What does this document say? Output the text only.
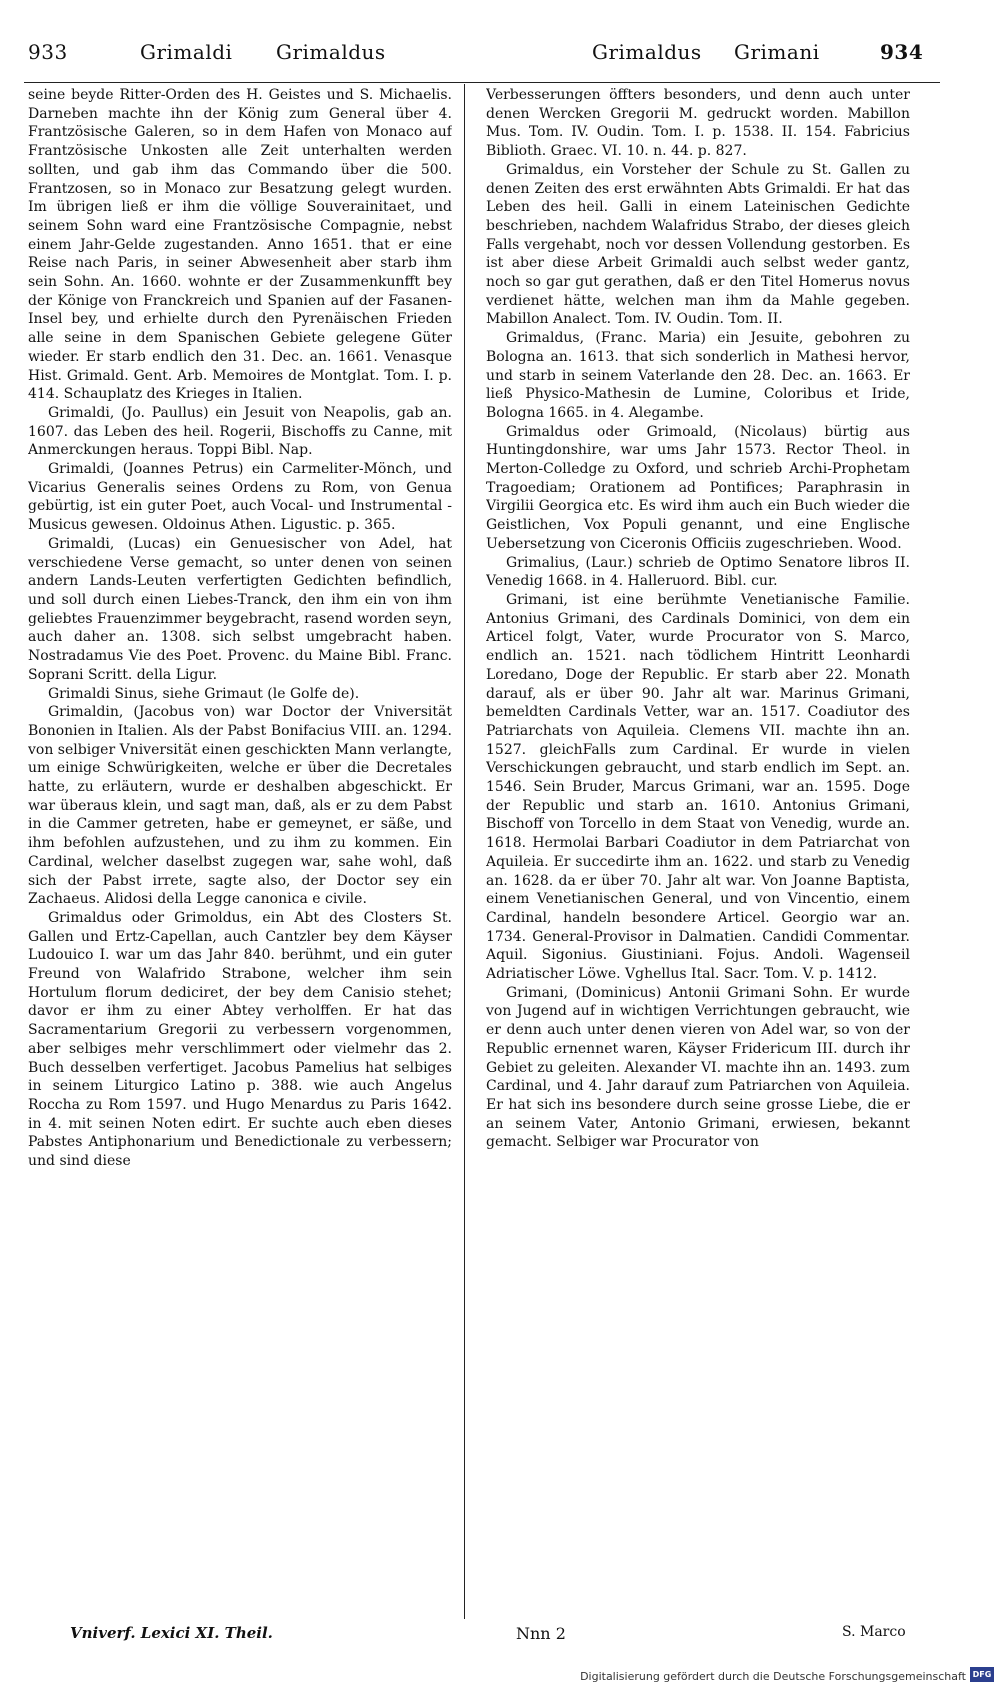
933	Grimaldi Grimaldus	Grimaldus Grimani	934

seine beyde Ritter-Orden des H. Geistes und S. Michaelis. Darneben machte ihn der König zum General über 4. Frantzösische Galeren, so in dem Hafen von Monaco auf Frantzösische Unkosten alle Zeit unterhalten werden sollten, und gab ihm das Commando über die 500. Frantzosen, so in Monaco zur Besatzung gelegt wurden. Im übrigen ließ er ihm die völlige Souverainitaet, und seinem Sohn ward eine Frantzösische Compagnie, nebst einem Jahr-Gelde zugestanden. Anno 1651. that er eine Reise nach Paris, in seiner Abwesenheit aber starb ihm sein Sohn. An. 1660. wohnte er der Zusammenkunfft bey der Könige von Franckreich und Spanien auf der Fasanen-Insel bey, und erhielte durch den Pyrenäischen Frieden alle seine in dem Spanischen Gebiete gelegene Güter wieder. Er starb endlich den 31. Dec. an. 1661. Venasque Hist. Grimald. Gent. Arb. Memoires de Montglat. Tom. I. p. 414. Schauplatz des Krieges in Italien.

Grimaldi, (Jo. Paullus) ein Jesuit von Neapolis, gab an. 1607. das Leben des heil. Rogerii, Bischoffs zu Canne, mit Anmerckungen heraus. Toppi Bibl. Nap.

Grimaldi, (Joannes Petrus) ein Carmeliter-Mönch, und Vicarius Generalis seines Ordens zu Rom, von Genua gebürtig, ist ein guter Poet, auch Vocal- und Instrumental - Musicus gewesen. Oldoinus Athen. Ligustic. p. 365.

Grimaldi, (Lucas) ein Genuesischer von Adel, hat verschiedene Verse gemacht, so unter denen von seinen andern Lands-Leuten verfertigten Gedichten befindlich, und soll durch einen Liebes-Tranck, den ihm ein von ihm geliebtes Frauenzimmer beygebracht, rasend worden seyn, auch daher an. 1308. sich selbst umgebracht haben. Nostradamus Vie des Poet. Provenc. du Maine Bibl. Franc. Soprani Scritt. della Ligur.

Grimaldi Sinus, siehe Grimaut (le Golfe de).

Grimaldin, (Jacobus von) war Doctor der Vniversität Bononien in Italien. Als der Pabst Bonifacius VIII. an. 1294. von selbiger Vniversität einen geschickten Mann verlangte, um einige Schwürigkeiten, welche er über die Decretales hatte, zu erläutern, wurde er deshalben abgeschickt. Er war überaus klein, und sagt man, daß, als er zu dem Pabst in die Cammer getreten, habe er gemeynet, er säße, und ihm befohlen aufzustehen, und zu ihm zu kommen. Ein Cardinal, welcher daselbst zugegen war, sahe wohl, daß sich der Pabst irrete, sagte also, der Doctor sey ein Zachaeus. Alidosi della Legge canonica e civile.

Grimaldus oder Grimoldus, ein Abt des Closters St. Gallen und Ertz-Capellan, auch Cantzler bey dem Käyser Ludouico I. war um das Jahr 840. berühmt, und ein guter Freund von Walafrido Strabone, welcher ihm sein Hortulum florum dediciret, der bey dem Canisio stehet; davor er ihm zu einer Abtey verholffen. Er hat das Sacramentarium Gregorii zu verbessern vorgenommen, aber selbiges mehr verschlimmert oder vielmehr das 2. Buch desselben verfertiget. Jacobus Pamelius hat selbiges in seinem Liturgico Latino p. 388. wie auch Angelus Roccha zu Rom 1597. und Hugo Menardus zu Paris 1642. in 4. mit seinen Noten edirt. Er suchte auch eben dieses Pabstes Antiphonarium und Benedictionale zu verbessern; und sind diese

Verbesserungen öffters besonders, und denn auch unter denen Wercken Gregorii M. gedruckt worden. Mabillon Mus. Tom. IV. Oudin. Tom. I. p. 1538. II. 154. Fabricius Biblioth. Graec. VI. 10. n. 44. p. 827.

Grimaldus, ein Vorsteher der Schule zu St. Gallen zu denen Zeiten des erst erwähnten Abts Grimaldi. Er hat das Leben des heil. Galli in einem Lateinischen Gedichte beschrieben, nachdem Walafridus Strabo, der dieses gleich Falls vergehabt, noch vor dessen Vollendung gestorben. Es ist aber diese Arbeit Grimaldi auch selbst weder gantz, noch so gar gut gerathen, daß er den Titel Homerus novus verdienet hätte, welchen man ihm da Mahle gegeben. Mabillon Analect. Tom. IV. Oudin. Tom. II.

Grimaldus, (Franc. Maria) ein Jesuite, gebohren zu Bologna an. 1613. that sich sonderlich in Mathesi hervor, und starb in seinem Vaterlande den 28. Dec. an. 1663. Er ließ Physico-Mathesin de Lumine, Coloribus et Iride, Bologna 1665. in 4. Alegambe.

Grimaldus oder Grimoald, (Nicolaus) bürtig aus Huntingdonshire, war ums Jahr 1573. Rector Theol. in Merton-Colledge zu Oxford, und schrieb Archi-Prophetam Tragoediam; Orationem ad Pontifices; Paraphrasin in Virgilii Georgica etc. Es wird ihm auch ein Buch wieder die Geistlichen, Vox Populi genannt, und eine Englische Uebersetzung von Ciceronis Officiis zugeschrieben. Wood.

Grimalius, (Laur.) schrieb de Optimo Senatore libros II. Venedig 1668. in 4. Halleruord. Bibl. cur.

Grimani, ist eine berühmte Venetianische Familie. Antonius Grimani, des Cardinals Dominici, von dem ein Articel folgt, Vater, wurde Procurator von S. Marco, endlich an. 1521. nach tödlichem Hintritt Leonhardi Loredano, Doge der Republic. Er starb aber 22. Monath darauf, als er über 90. Jahr alt war. Marinus Grimani, bemeldten Cardinals Vetter, war an. 1517. Coadiutor des Patriarchats von Aquileia. Clemens VII. machte ihn an. 1527. gleichFalls zum Cardinal. Er wurde in vielen Verschickungen gebraucht, und starb endlich im Sept. an. 1546. Sein Bruder, Marcus Grimani, war an. 1595. Doge der Republic und starb an. 1610. Antonius Grimani, Bischoff von Torcello in dem Staat von Venedig, wurde an. 1618. Hermolai Barbari Coadiutor in dem Patriarchat von Aquileia. Er succedirte ihm an. 1622. und starb zu Venedig an. 1628. da er über 70. Jahr alt war. Von Joanne Baptista, einem Venetianischen General, und von Vincentio, einem Cardinal, handeln besondere Articel. Georgio war an. 1734. General-Provisor in Dalmatien. Candidi Commentar. Aquil. Sigonius. Giustiniani. Fojus. Andoli. Wagenseil Adriatischer Löwe. Vghellus Ital. Sacr. Tom. V. p. 1412.

Grimani, (Dominicus) Antonii Grimani Sohn. Er wurde von Jugend auf in wichtigen Verrichtungen gebraucht, wie er denn auch unter denen vieren von Adel war, so von der Republic ernennet waren, Käyser Fridericum III. durch ihr Gebiet zu geleiten. Alexander VI. machte ihn an. 1493. zum Cardinal, und 4. Jahr darauf zum Patriarchen von Aquileia. Er hat sich ins besondere durch seine grosse Liebe, die er an seinem Vater, Antonio Grimani, erwiesen, bekannt gemacht. Selbiger war Procurator von

Vniverf. Lexici XI. Theil.	Nnn 2	S. Marco
Digitalisierung gefördert durch die Deutsche Forschungsgemeinschaft DFG
